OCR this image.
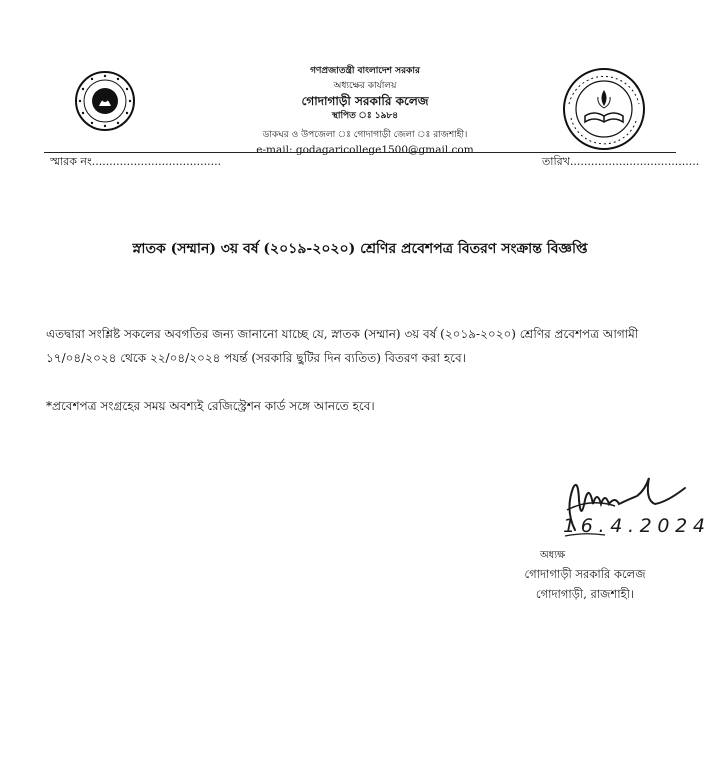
গণপ্রজাতন্ত্রী বাংলাদেশ সরকার
অধ্যক্ষের কার্যালয়
গোদাগাড়ী সরকারি কলেজ
স্থাপিত ঃ ১৯৮৪
ডাকঘর ও উপজেলা ঃ গোদাগাড়ী জেলা ঃ রাজশাহী।
e-mail: godagaricollege1500@gmail.com
স্মারক নং.....................................	তারিখ.....................................
স্নাতক (সম্মান) ৩য় বর্ষ (২০১৯-২০২০) শ্রেণির প্রবেশপত্র বিতরণ সংক্রান্ত বিজ্ঞপ্তি
এতদ্বারা সংশ্লিষ্ট সকলের অবগতির জন্য জানানো যাচ্ছে যে, স্নাতক (সম্মান) ৩য় বর্ষ (২০১৯-২০২০) শ্রেণির প্রবেশপত্র আগামী
১৭/০৪/২০২৪ থেকে ২২/০৪/২০২৪ পযর্ন্ত (সরকারি ছুটির দিন ব্যতিত) বিতরণ করা হবে।
*প্রবেশপত্র সংগ্রহের সময় অবশ্যই রেজিস্ট্রেশন কার্ড সঙ্গে আনতে হবে।
16.4.2024
অধ্যক্ষ
গোদাগাড়ী সরকারি কলেজ
গোদাগাড়ী, রাজশাহী।
